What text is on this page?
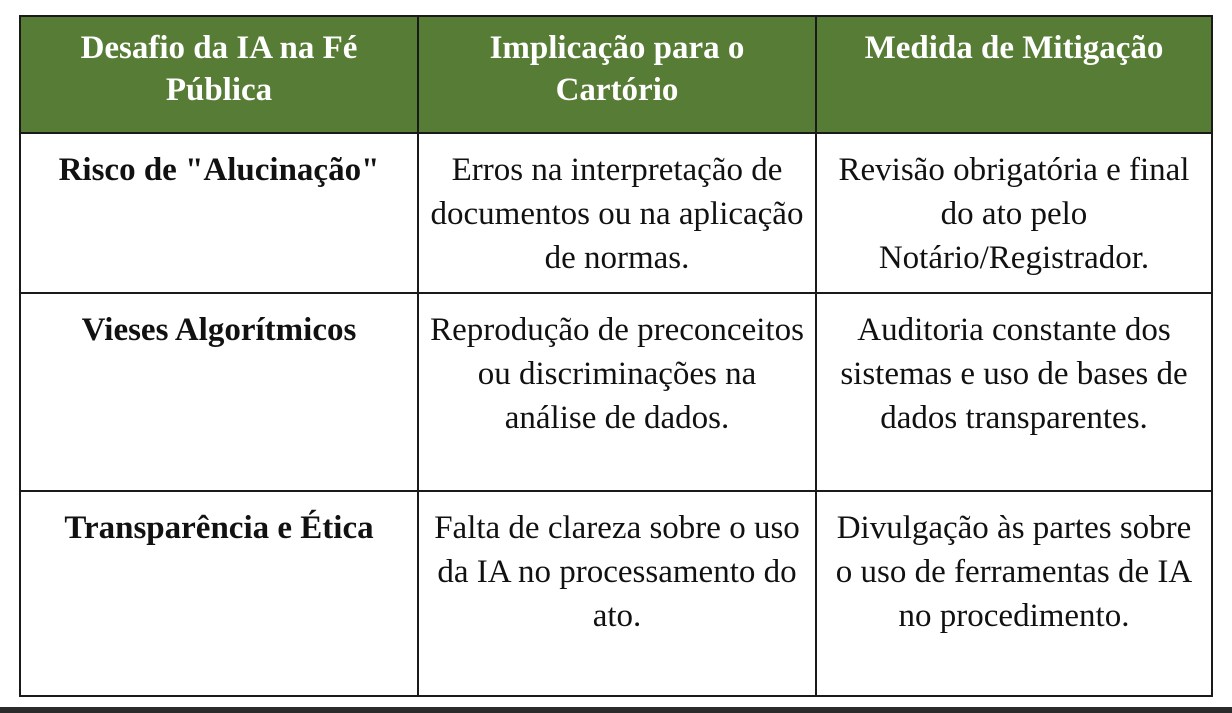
Desafio da IA na Fé Pública	Implicação para o Cartório	Medida de Mitigação
Risco de "Alucinação"	Erros na interpretação de documentos ou na aplicação de normas.	Revisão obrigatória e final do ato pelo Notário/Registrador.
Vieses Algorítmicos	Reprodução de preconceitos ou discriminações na análise de dados.	Auditoria constante dos sistemas e uso de bases de dados transparentes.
Transparência e Ética	Falta de clareza sobre o uso da IA no processamento do ato.	Divulgação às partes sobre o uso de ferramentas de IA no procedimento.
